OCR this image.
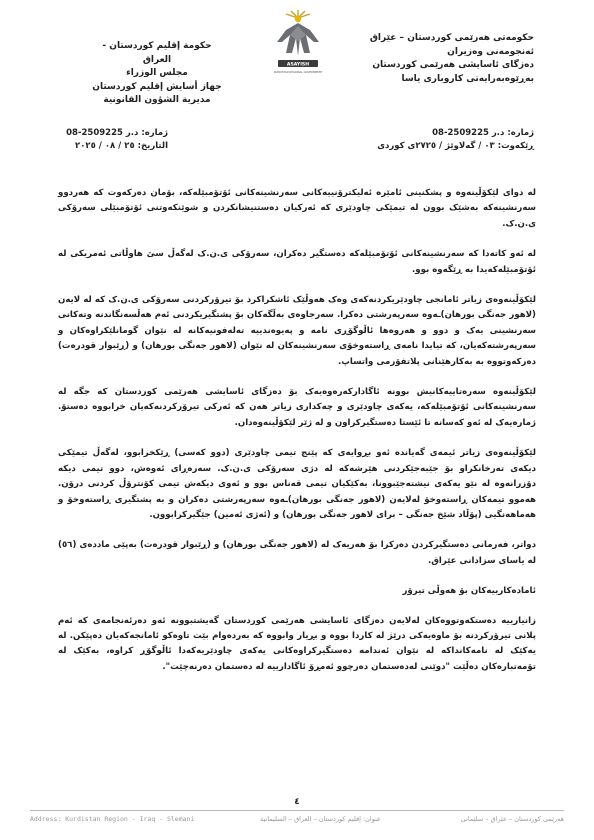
حکومەتی هەرێمی کوردستان – عێراق
ئەنجومەنی وەزیران
دەزگای ئاسایشی هەرێمی کوردستان
بەڕێوەبەرایەتی کاروباری یاسا
ASAYISH
KURDISTAN REGIONAL GOVERNMENT
حكومة إقليم كوردستان - العراق
مجلس الوزراء
جهاز أسايش إقليم كوردستان
مديرية الشؤون القانونية
ژمارە: د.ر 2509225-08
ڕێکەوت: ٠٣ / گەلاوێژ / ٢٧٢٥ی کوردی
ژمارە: د.ر 2509225-08
التاريخ: ٢٥ / ٠٨ / ٢٠٢٥

لە دوای لێکۆڵینەوە و پشکنینی ئامێرە ئەلیکترۆنییەکانی سەرنشینەکانی ئۆتۆمبێلەکە، بۆمان دەرکەوت کە هەردوو سەرنشینەکە بەشێک بوون لە تیمێکی چاودێری کە ئەرکیان دەستنیشانکردن و شوێنکەوتنی ئۆتۆمبێلی سەرۆکی ی.ن.ک.

لە ئەو کاتەدا کە سەرنشینەکانی ئۆتۆمبێلەکە دەستگیر دەکران، سەرۆکی ی.ن.ک لەگەڵ سێ هاوڵاتی ئەمریکی لە ئۆتۆمبێلەکەیدا بە ڕێگەوە بوو.

لێکۆڵینەوەی زیاتر ئامانجی چاودێریکردنەکەی وەک هەوڵێک ئاشکراکرد بۆ تیرۆرکردنی سەرۆکی ی.ن.ک کە لە لایەن (لاهور جەنگی بورهان)ـەوە سەرپەرشتی دەکرا. سەرجاوەی بەڵگەکان بۆ پشتگیریکردنی ئەم هەڵسەنگاندنە وتەکانی سەرنشینی یەک و دوو و هەروەها ئاڵوگۆڕی نامە و پەیوەندییە تەلەفونیەکانە لە نێوان گومانلێکراوەکان و سەرپەرشتەکەیان، کە تیایدا نامەی ڕاستەوخۆی سەرنشینەکان لە نێوان (لاهور جەنگی بورهان) و (ڕێبوار قودرەت) دەرکەوتووە بە بەکارهێنانی پلاتفۆرمی واتساپ.

لێکۆڵینەوە سەرەتاییەکانیش بوونە ئاگاداركەرەوەیەک بۆ دەزگای ئاسایشی هەرێمی کوردستان کە جگە لە سەرنشینەکانی ئۆتۆمبێلەکە، یەکەی چاودێری و چەکداری زیاتر هەن کە ئەرکی تیرۆرکردنەکەیان خرابووە دەستۆ. ژمارەیەک لە ئەو کەسانە تا ئێستا دەستگیرکراون و لە ژێر لێکۆڵینەوەدان.

لێکۆڵینەوەی زیاتر ئیمەی گەیاندە ئەو بڕوایەی کە پێنج تیمی چاودێری (دوو کەسی) ڕێکخرابوو، لەگەڵ تیمێکی دیکەی تەرخانکراو بۆ جێبەجێکردنی هێرشەکە لە دژی سەرۆکی ی.ن.ک. سەرەڕای ئەوەش، دوو تیمی دیکە دۆزرانەوە لە نێو یەکەی نیشتەجێبوونا، بەکێکیان تیمی قەناس بوو و ئەوی دیکەش تیمی کۆنترۆڵ کردنی درۆن. هەموو تیمەکان ڕاستەوخۆ لەلایەن (لاهور جەنگی بورهان)ـەوە سەرپەرشتی دەکران و بە پشتگیری ڕاستەوخۆ و هەماهەنگیی (پۆڵاد شێخ جەنگی – برای لاهور جەنگی بورهان) و (ئەژی ئەمین) جێگیرکرابوون.

دواتر، فەرمانی دەستگیرکردن دەرکرا بۆ هەریەک لە (لاهور جەنگی بورهان) و (ڕێبوار قودرەت) بەپێی ماددەی (٥٦) لە یاسای سزادانی عێراق.

ئامادەکارییەکان بۆ هەوڵی تیرۆر

زانیارییە دەستکەوتووەکان لەلایەن دەزگای ئاسایشی هەرێمی کوردستان گەیشتبوونە ئەو دەرئەنجامەی کە ئەم پلانی تیرۆرکردنە بۆ ماوەیەکی درێژ لە کاردا بووە و بڕیار وابووە کە بەردەوام بێت تاوەکو ئامانجەکەیان دەپێکن. لە یەکێک لە نامەکانداکە لە نێوان ئەندامە دەستگیرکراوەکانی یەکەی چاودێریەکەدا ئاڵوگۆڕ کراوە، بەکێک لە تۆمەتبارەکان دەڵێت "دوێنی لەدەستمان دەرچوو ئەمڕۆ ئاگادارییە لە دەستمان دەرنەچێت".

٤
Address: Kurdistan Region - Iraq - Slemani	عنوان: إقليم كوردستان – العراق – السليمانية	هەرێمی کوردستان – عێراق – سلێمانی
